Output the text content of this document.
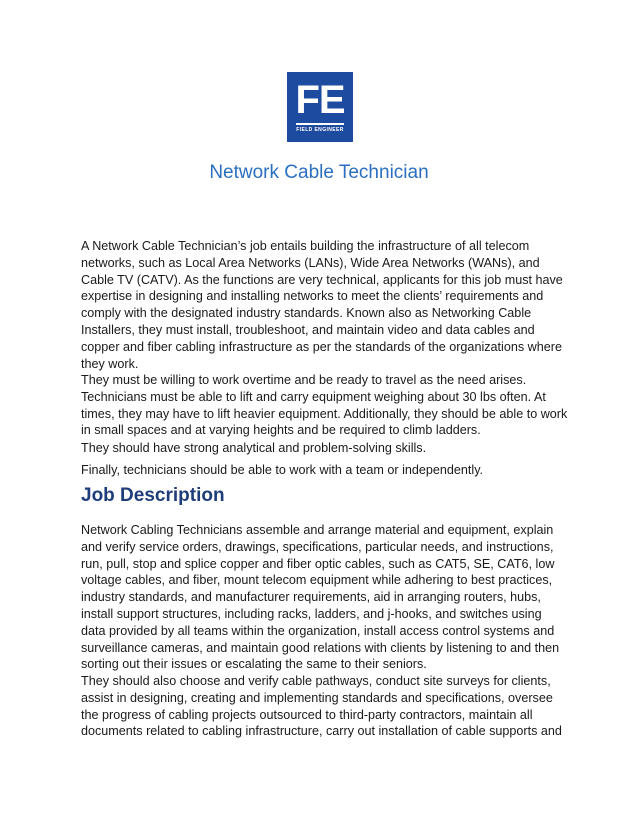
FE
FIELD ENGINEER
Network Cable Technician

A Network Cable Technician’s job entails building the infrastructure of all telecom
networks, such as Local Area Networks (LANs), Wide Area Networks (WANs), and
Cable TV (CATV). As the functions are very technical, applicants for this job must have
expertise in designing and installing networks to meet the clients’ requirements and
comply with the designated industry standards. Known also as Networking Cable
Installers, they must install, troubleshoot, and maintain video and data cables and
copper and fiber cabling infrastructure as per the standards of the organizations where
they work.

They must be willing to work overtime and be ready to travel as the need arises.
Technicians must be able to lift and carry equipment weighing about 30 lbs often. At
times, they may have to lift heavier equipment. Additionally, they should be able to work
in small spaces and at varying heights and be required to climb ladders.

They should have strong analytical and problem-solving skills.

Finally, technicians should be able to work with a team or independently.

Job Description

Network Cabling Technicians assemble and arrange material and equipment, explain
and verify service orders, drawings, specifications, particular needs, and instructions,
run, pull, stop and splice copper and fiber optic cables, such as CAT5, SE, CAT6, low
voltage cables, and fiber, mount telecom equipment while adhering to best practices,
industry standards, and manufacturer requirements, aid in arranging routers, hubs,
install support structures, including racks, ladders, and j-hooks, and switches using
data provided by all teams within the organization, install access control systems and
surveillance cameras, and maintain good relations with clients by listening to and then
sorting out their issues or escalating the same to their seniors.

They should also choose and verify cable pathways, conduct site surveys for clients,
assist in designing, creating and implementing standards and specifications, oversee
the progress of cabling projects outsourced to third-party contractors, maintain all
documents related to cabling infrastructure, carry out installation of cable supports and
